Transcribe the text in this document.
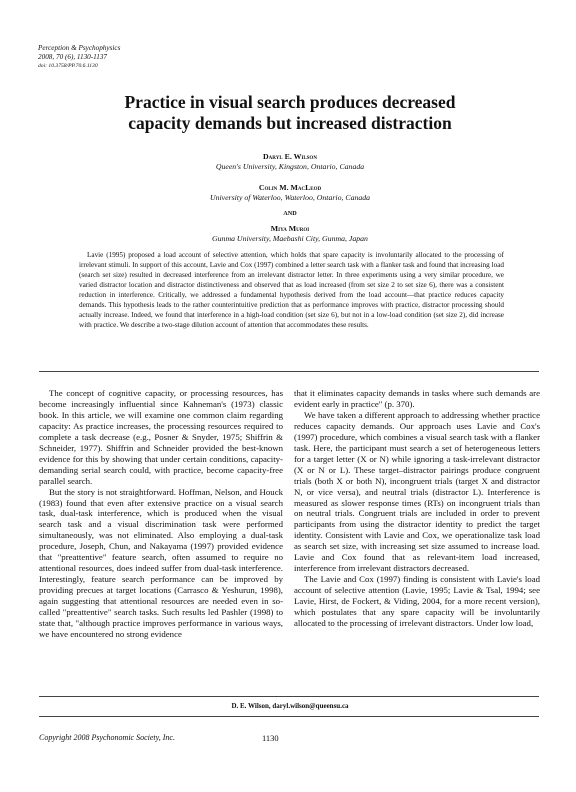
Perception & Psychophysics
2008, 70 (6), 1130-1137
doi: 10.3758/PP.70.6.1130
Practice in visual search produces decreased
capacity demands but increased distraction
Daryl E. Wilson
Queen's University, Kingston, Ontario, Canada
Colin M. MacLeod
University of Waterloo, Waterloo, Ontario, Canada
AND
Miya Muroi
Gunma University, Maebashi City, Gunma, Japan
Lavie (1995) proposed a load account of selective attention, which holds that spare capacity is involuntarily allocated to the processing of irrelevant stimuli. In support of this account, Lavie and Cox (1997) combined a letter search task with a flanker task and found that increasing load (search set size) resulted in decreased interference from an irrelevant distractor letter. In three experiments using a very similar procedure, we varied distractor location and distractor distinctiveness and observed that as load increased (from set size 2 to set size 6), there was a consistent reduction in interference. Critically, we addressed a fundamental hypothesis derived from the load account—that practice reduces capacity demands. This hypothesis leads to the rather counterintuitive prediction that as performance improves with practice, distractor processing should actually increase. Indeed, we found that interference in a high-load condition (set size 6), but not in a low-load condition (set size 2), did increase with practice. We describe a two-stage dilution account of attention that accommodates these results.

The concept of cognitive capacity, or processing resources, has become increasingly influential since Kahneman's (1973) classic book. In this article, we will examine one common claim regarding capacity: As practice increases, the processing resources required to complete a task decrease (e.g., Posner & Snyder, 1975; Shiffrin & Schneider, 1977). Shiffrin and Schneider provided the best-known evidence for this by showing that under certain conditions, capacity-demanding serial search could, with practice, become capacity-free parallel search.

But the story is not straightforward. Hoffman, Nelson, and Houck (1983) found that even after extensive practice on a visual search task, dual-task interference, which is produced when the visual search task and a visual discrimination task were performed simultaneously, was not eliminated. Also employing a dual-task procedure, Joseph, Chun, and Nakayama (1997) provided evidence that "preattentive" feature search, often assumed to require no attentional resources, does indeed suffer from dual-task interference. Interestingly, feature search performance can be improved by providing precues at target locations (Carrasco & Yeshurun, 1998), again suggesting that attentional resources are needed even in so-called "preattentive" search tasks. Such results led Pashler (1998) to state that, "although practice improves performance in various ways, we have encountered no strong evidence

that it eliminates capacity demands in tasks where such demands are evident early in practice" (p. 370).

We have taken a different approach to addressing whether practice reduces capacity demands. Our approach uses Lavie and Cox's (1997) procedure, which combines a visual search task with a flanker task. Here, the participant must search a set of heterogeneous letters for a target letter (X or N) while ignoring a task-irrelevant distractor (X or N or L). These target–distractor pairings produce congruent trials (both X or both N), incongruent trials (target X and distractor N, or vice versa), and neutral trials (distractor L). Interference is measured as slower response times (RTs) on incongruent trials than on neutral trials. Congruent trials are included in order to prevent participants from using the distractor identity to predict the target identity. Consistent with Lavie and Cox, we operationalize task load as search set size, with increasing set size assumed to increase load. Lavie and Cox found that as relevant-item load increased, interference from irrelevant distractors decreased.

The Lavie and Cox (1997) finding is consistent with Lavie's load account of selective attention (Lavie, 1995; Lavie & Tsal, 1994; see Lavie, Hirst, de Fockert, & Viding, 2004, for a more recent version), which postulates that any spare capacity will be involuntarily allocated to the processing of irrelevant distractors. Under low load,

D. E. Wilson, daryl.wilson@queensu.ca
Copyright 2008 Psychonomic Society, Inc.	1130
